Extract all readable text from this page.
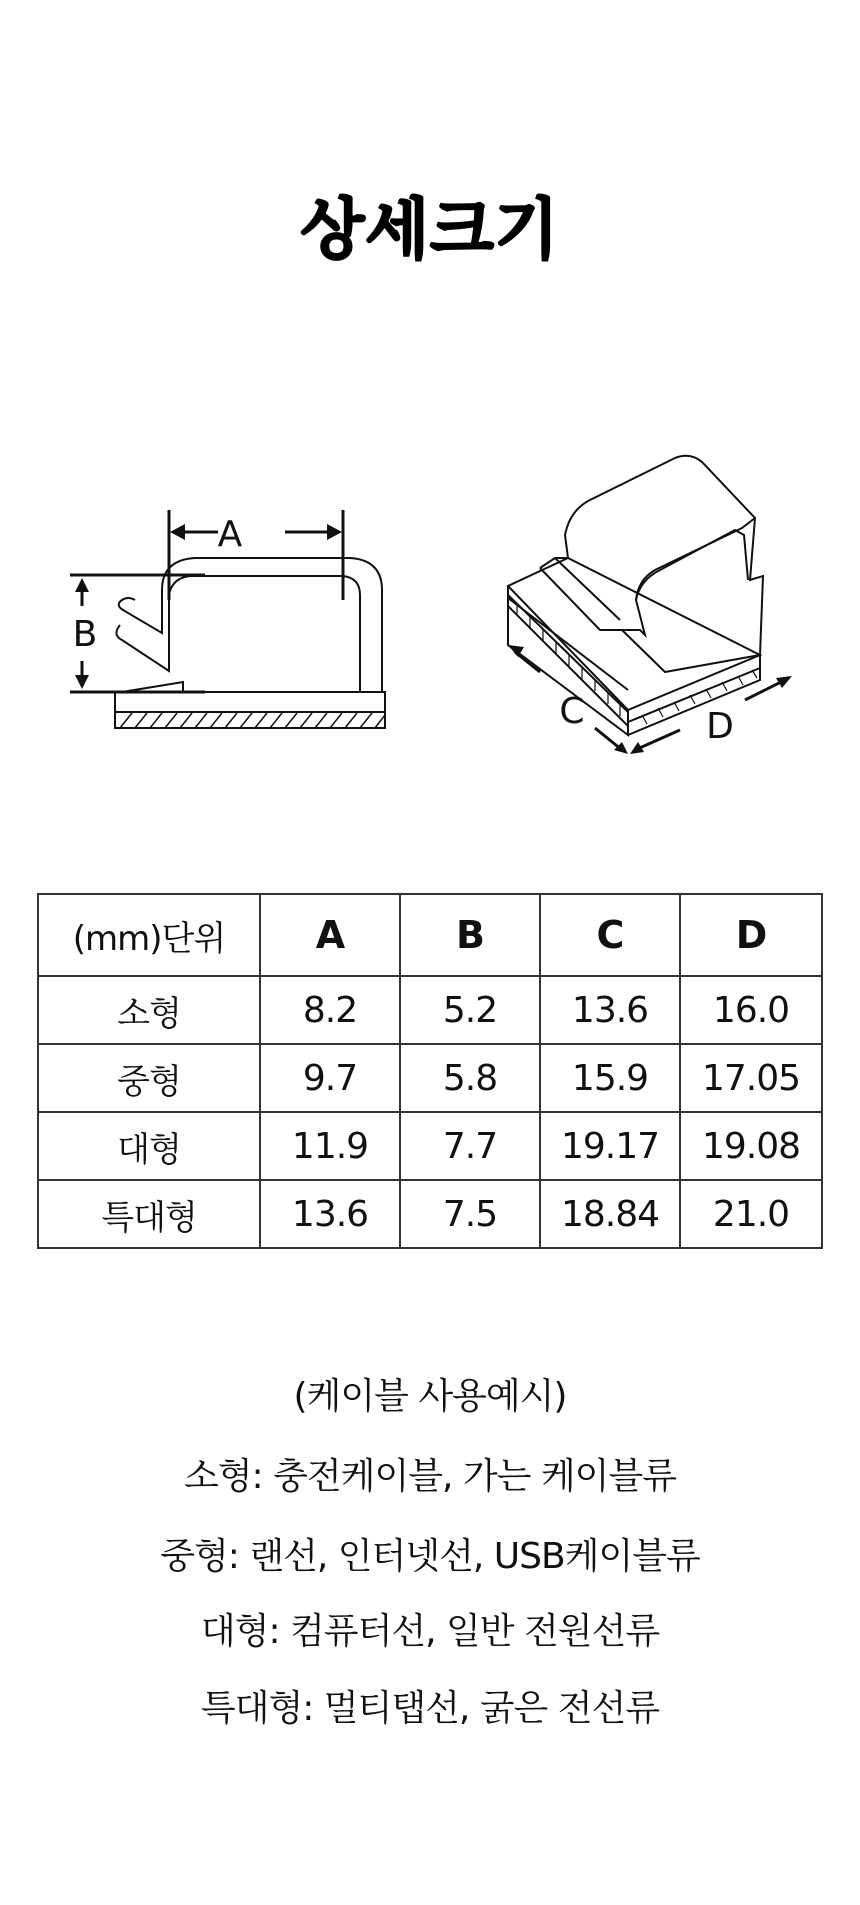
상세크기
A
B
C	D
(mm)단위	A	B	C	D
소형	8.2	5.2	13.6	16.0
중형	9.7	5.8	15.9	17.05
대형	11.9	7.7	19.17	19.08
특대형	13.6	7.5	18.84	21.0
(케이블 사용예시)
소형: 충전케이블, 가는 케이블류
중형: 랜선, 인터넷선, USB케이블류
대형: 컴퓨터선, 일반 전원선류
특대형: 멀티탭선, 굵은 전선류
